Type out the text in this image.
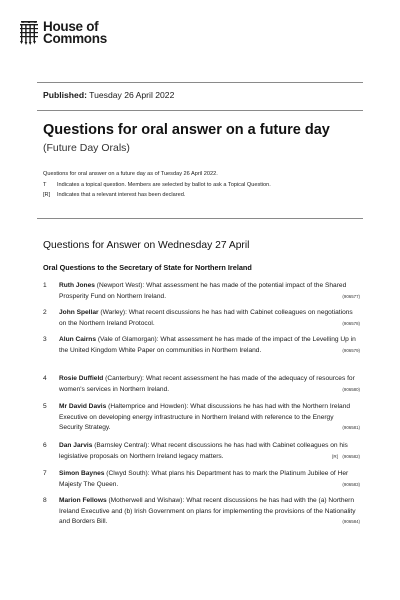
House of
Commons
Published: Tuesday 26 April 2022
Questions for oral answer on a future day
(Future Day Orals)
Questions for oral answer on a future day as of Tuesday 26 April 2022.
T	Indicates a topical question. Members are selected by ballot to ask a Topical Question.
[R]	Indicates that a relevant interest has been declared.
Questions for Answer on Wednesday 27 April
Oral Questions to the Secretary of State for Northern Ireland
1 Ruth Jones (Newport West): What assessment he has made of the potential impact of the Shared Prosperity Fund on Northern Ireland.	(906577)
2 John Spellar (Warley): What recent discussions he has had with Cabinet colleagues on negotiations on the Northern Ireland Protocol.	(906578)
3 Alun Cairns (Vale of Glamorgan): What assessment he has made of the impact of the Levelling Up in the United Kingdom White Paper on communities in Northern Ireland.	(906579)
4 Rosie Duffield (Canterbury): What recent assessment he has made of the adequacy of resources for women's services in Northern Ireland.	(906580)
5 Mr David Davis (Haltemprice and Howden): What discussions he has had with the Northern Ireland Executive on developing energy infrastructure in Northern Ireland with reference to the Energy Security Strategy.	(906581)
6 Dan Jarvis (Barnsley Central): What recent discussions he has had with Cabinet colleagues on his legislative proposals on Northern Ireland legacy matters.	[R] (906582)
7 Simon Baynes (Clwyd South): What plans his Department has to mark the Platinum Jubilee of Her Majesty The Queen.	(906583)
8 Marion Fellows (Motherwell and Wishaw): What recent discussions he has had with the (a) Northern Ireland Executive and (b) Irish Government on plans for implementing the provisions of the Nationality and Borders Bill.	(906584)
